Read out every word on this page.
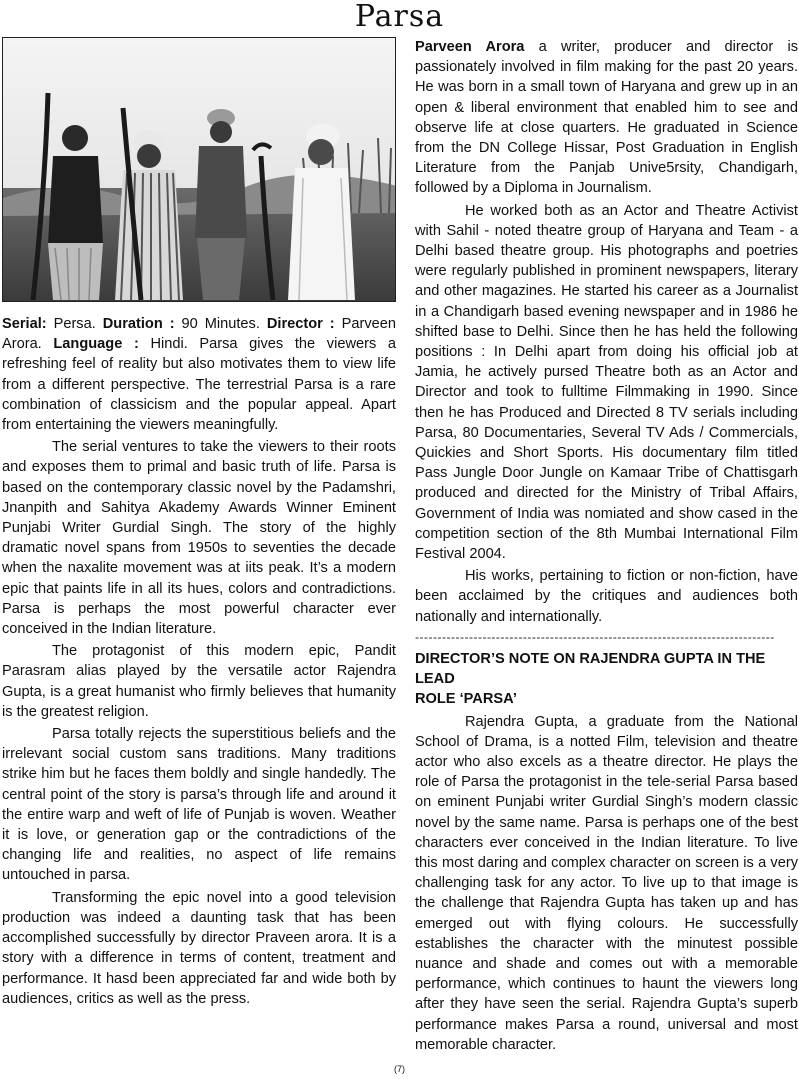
Parsa

Serial: Persa. Duration : 90 Minutes. Director : Parveen Arora. Language : Hindi. Parsa gives the viewers a refreshing feel of reality but also motivates them to view life from a different perspective. The terrestrial Parsa is a rare combination of classicism and the popular appeal. Apart from entertaining the viewers meaningfully.

The serial ventures to take the viewers to their roots and exposes them to primal and basic truth of life. Parsa is based on the contemporary classic novel by the Padamshri, Jnanpith and Sahitya Akademy Awards Winner Eminent Punjabi Writer Gurdial Singh. The story of the highly dramatic novel spans from 1950s to seventies the decade when the naxalite movement was at iits peak. It’s a modern epic that paints life in all its hues, colors and contradictions. Parsa is perhaps the most powerful character ever conceived in the Indian literature.

The protagonist of this modern epic, Pandit Parasram alias played by the versatile actor Rajendra Gupta, is a great humanist who firmly believes that humanity is the greatest religion.

Parsa totally rejects the superstitious beliefs and the irrelevant social custom sans traditions. Many traditions strike him but he faces them boldly and single handedly. The central point of the story is parsa’s through life and around it the entire warp and weft of life of Punjab is woven. Weather it is love, or generation gap or the contradictions of the changing life and realities, no aspect of life remains untouched in parsa.

Transforming the epic novel into a good television production was indeed a daunting task that has been accomplished successfully by director Praveen arora. It is a story with a difference in terms of content, treatment and performance. It hasd been appreciated far and wide both by audiences, critics as well as the press.

Parveen Arora a writer, producer and director is passionately involved in film making for the past 20 years. He was born in a small town of Haryana and grew up in an open & liberal environment that enabled him to see and observe life at close quarters. He graduated in Science from the DN College Hissar, Post Graduation in English Literature from the Panjab Unive5rsity, Chandigarh, followed by a Diploma in Journalism.

He worked both as an Actor and Theatre Activist with Sahil - noted theatre group of Haryana and Team - a Delhi based theatre group. His photographs and poetries were regularly published in prominent newspapers, literary and other magazines. He started his career as a Journalist in a Chandigarh based evening newspaper and in 1986 he shifted base to Delhi. Since then he has held the following positions : In Delhi apart from doing his official job at Jamia, he actively pursed Theatre both as an Actor and Director and took to fulltime Filmmaking in 1990. Since then he has Produced and Directed 8 TV serials including Parsa, 80 Documentaries, Several TV Ads / Commercials, Quickies and Short Sports. His documentary film titled Pass Jungle Door Jungle on Kamaar Tribe of Chattisgarh produced and directed for the Ministry of Tribal Affairs, Government of India was nomiated and show cased in the competition section of the 8th Mumbai International Film Festival 2004.

His works, pertaining to fiction or non-fiction, have been acclaimed by the critiques and audiences both nationally and internationally.

--------------------------------------------------------------------------------

DIRECTOR’S NOTE ON RAJENDRA GUPTA IN THE LEAD
ROLE ‘PARSA’

Rajendra Gupta, a graduate from the National School of Drama, is a notted Film, television and theatre actor who also excels as a theatre director. He plays the role of Parsa the protagonist in the tele-serial Parsa based on eminent Punjabi writer Gurdial Singh’s modern classic novel by the same name. Parsa is perhaps one of the best characters ever conceived in the Indian literature. To live this most daring and complex character on screen is a very challenging task for any actor. To live up to that image is the challenge that Rajendra Gupta has taken up and has emerged out with flying colours. He successfully establishes the character with the minutest possible nuance and shade and comes out with a memorable performance, which continues to haunt the viewers long after they have seen the serial. Rajendra Gupta’s superb performance makes Parsa a round, universal and most memorable character.

(7)
